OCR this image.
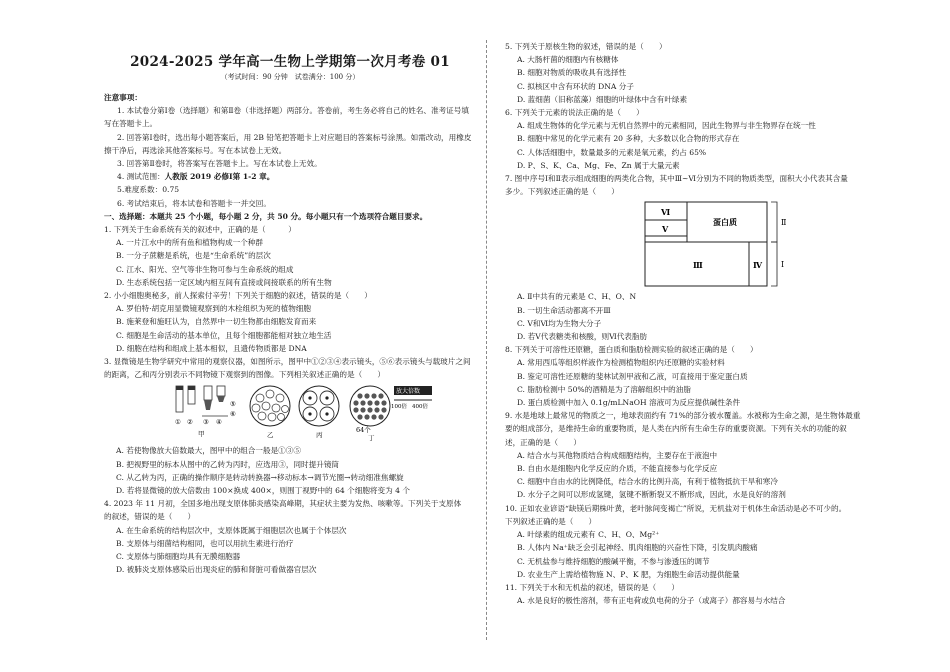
2024-2025 学年高一生物上学期第一次月考卷 01
（考试时间：90 分钟　试卷满分：100 分）
注意事项：
1. 本试卷分第Ⅰ卷（选择题）和第Ⅱ卷（非选择题）两部分。答卷前，考生务必将自己的姓名、准考证号填写在答题卡上。
2. 回答第Ⅰ卷时，选出每小题答案后，用 2B 铅笔把答题卡上对应题目的答案标号涂黑。如需改动，用橡皮擦干净后，再选涂其他答案标号。写在本试卷上无效。
3. 回答第Ⅱ卷时，将答案写在答题卡上。写在本试卷上无效。
4. 测试范围：人教版 2019 必修Ⅰ第 1-2 章。
5.难度系数：0.75
6. 考试结束后，将本试卷和答题卡一并交回。
一、选择题：本题共 25 个小题，每小题 2 分，共 50 分。每小题只有一个选项符合题目要求。
1. 下列关于生命系统有关的叙述中，正确的是（　　　）
A. 一片江水中的所有鱼和植物构成一个种群
B. 一分子蔗糖是系统，也是“生命系统”的层次
C. 江水、阳光、空气等非生物可参与生命系统的组成
D. 生态系统包括一定区域内相互间有直接或间接联系的所有生物
2. 小小细胞奥秘多，前人探索付辛劳！下列关于细胞的叙述，错误的是（　　）
A. 罗伯特·胡克用显微镜观察到的木栓组织为死的植物细胞
B. 施莱登和施旺认为，自然界中一切生物都由细胞发育而来
C. 细胞是生命活动的基本单位，且每个细胞都能相对独立地生活
D. 细胞在结构和组成上基本相似，且遗传物质都是 DNA
3. 显微镜是生物学研究中常用的观察仪器，如图所示，图甲中①②③④表示镜头，⑤⑥表示镜头与载玻片之间的距离，乙和丙分别表示不同物镜下观察到的图像。下列相关叙述正确的是（　　）
① ② ③ ④
⑤
⑥
甲	乙	丙
64个
丁
放大倍数
100倍 400倍
A. 若使物像放大倍数最大，图甲中的组合一般是①③⑤
B. 把视野里的标本从图中的乙转为丙时，应选用③，同时提升镜筒
C. 从乙转为丙，正确的操作顺序是转动转换器→移动标本→调节光圈→转动细准焦螺旋
D. 若将显微镜的放大倍数由 100×换成 400×，则围丁视野中的 64 个细胞将变为 4 个
4. 2023 年 11 月初，全国多地出现支原体肺炎感染高峰期，其症状主要为发热、咳嗽等。下列关于支原体
的叙述，错误的是（　　）
A. 在生命系统的结构层次中，支原体既属于细胞层次也属于个体层次
B. 支原体与细菌结构相同，也可以用抗生素进行治疗
C. 支原体与肺细胞均具有无膜细胞器
D. 被肺炎支原体感染后出现炎症的肺和肾脏可看做器官层次
5. 下列关于原核生物的叙述，错误的是（　　）
A. 大肠杆菌的细胞内有核糖体
B. 细胞对物质的吸收具有选择性
C. 拟核区中含有环状的 DNA 分子
D. 蓝细菌（旧称蓝藻）细胞的叶绿体中含有叶绿素
6. 下列关于元素的说法正确的是（　　）
A. 组成生物体的化学元素与无机自然界中的元素相同，因此生物界与非生物界存在统一性
B. 细胞中常见的化学元素有 20 多种，大多数以化合物的形式存在
C. 人体活细胞中，数量最多的元素是氧元素，约占 65%
D. P、S、K、Ca、Mg、Fe、Zn 属于大量元素
7. 图中序号Ⅰ和Ⅱ表示组成细胞的两类化合物，其中Ⅲ~Ⅵ分别为不同的物质类型，面积大小代表其含量
多少。下列叙述正确的是（　　）
Ⅵ
Ⅴ
蛋白质
Ⅲ	Ⅳ
Ⅱ
Ⅰ
A. Ⅱ中共有的元素是 C、H、O、N
B. 一切生命活动都离不开Ⅲ
C. Ⅴ和Ⅵ均为生物大分子
D. 若Ⅴ代表糖类和核酸，则Ⅵ代表脂肪
8. 下列关于可溶性还原糖，蛋白质和脂肪检测实验的叙述正确的是（　　）
A. 常用西瓜等组织样液作为检测植物组织内还原糖的实验材料
B. 鉴定可溶性还原糖的斐林试剂甲液和乙液，可直接用于鉴定蛋白质
C. 脂肪检测中 50%的酒精是为了溶解组织中的油脂
D. 蛋白质检测中加入 0.1g/mLNaOH 溶液可为反应提供碱性条件
9. 水是地球上最常见的物质之一，地球表面约有 71%的部分被水覆盖。水被称为生命之源，是生物体最重
要的组成部分，是维持生命的重要物质，是人类在内所有生命生存的重要资源。下列有关水的功能的叙
述，正确的是（　　）
A. 结合水与其他物质结合构成细胞结构，主要存在于液泡中
B. 自由水是细胞内化学反应的介质，不能直接参与化学反应
C. 细胞中自由水的比例降低，结合水的比例升高，有利于植物抵抗干旱和寒冷
D. 水分子之间可以形成氢键，氢键不断断裂又不断形成，因此，水是良好的溶剂
10. 正如农业谚语“缺镁后期株叶黄，老叶脉间变褐亡”所说，无机盐对于机体生命活动是必不可少的。
下列叙述正确的是（　　）
A. 叶绿素的组成元素有 C、H、O、Mg²⁺
B. 人体内 Na⁺缺乏会引起神经、肌肉细胞的兴奋性下降，引发肌肉酸痛
C. 无机盐参与维持细胞的酸碱平衡，不参与渗透压的调节
D. 农业生产上需给植物施 N、P、K 肥，为细胞生命活动提供能量
11. 下列关于水和无机盐的叙述，错误的是（　　）
A. 水是良好的极性溶剂，带有正电荷或负电荷的分子（或离子）都容易与水结合
